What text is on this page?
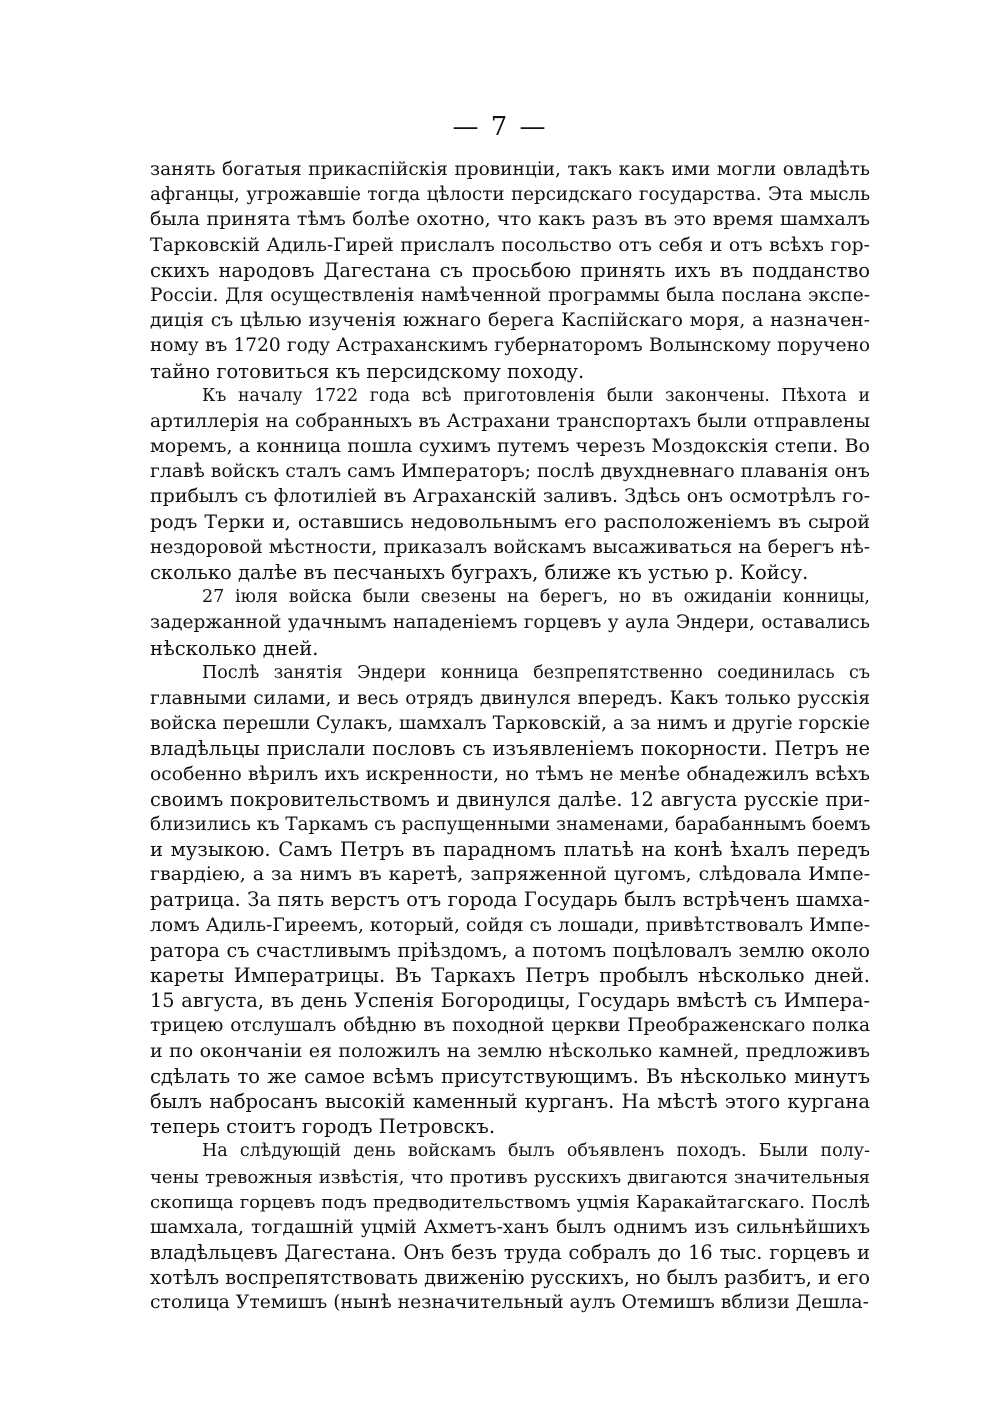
— 7 —
занять богатыя прикаспійскія провинціи, такъ какъ ими могли овладѣть
афганцы, угрожавшіе тогда цѣлости персидскаго государства. Эта мысль
была принята тѣмъ болѣе охотно, что какъ разъ въ это время шамхалъ
Тарковскій Адиль-Гирей прислалъ посольство отъ себя и отъ всѣхъ гор-
скихъ народовъ Дагестана съ просьбою принять ихъ въ подданство
Россіи. Для осуществленія намѣченной программы была послана экспе-
диція съ цѣлью изученія южнаго берега Каспійскаго моря, а назначен-
ному въ 1720 году Астраханскимъ губернаторомъ Волынскому поручено
тайно готовиться къ персидскому походу.
Къ началу 1722 года всѣ приготовленія были закончены. Пѣхота и
артиллерія на собранныхъ въ Астрахани транспортахъ были отправлены
моремъ, а конница пошла сухимъ путемъ черезъ Моздокскія степи. Во
главѣ войскъ сталъ самъ Императоръ; послѣ двухдневнаго плаванія онъ
прибылъ съ флотиліей въ Аграханскій заливъ. Здѣсь онъ осмотрѣлъ го-
родъ Терки и, оставшись недовольнымъ его расположеніемъ въ сырой
нездоровой мѣстности, приказалъ войскамъ высаживаться на берегъ нѣ-
сколько далѣе въ песчаныхъ буграхъ, ближе къ устью р. Койсу.
27 іюля войска были свезены на берегъ, но въ ожиданіи конницы,
задержанной удачнымъ нападеніемъ горцевъ у аула Эндери, оставались
нѣсколько дней.
Послѣ занятія Эндери конница безпрепятственно соединилась съ
главными силами, и весь отрядъ двинулся впередъ. Какъ только русскія
войска перешли Сулакъ, шамхалъ Тарковскій, а за нимъ и другіе горскіе
владѣльцы прислали пословъ съ изъявленіемъ покорности. Петръ не
особенно вѣрилъ ихъ искренности, но тѣмъ не менѣе обнадежилъ всѣхъ
своимъ покровительствомъ и двинулся далѣе. 12 августа русскіе при-
близились къ Таркамъ съ распущенными знаменами, барабаннымъ боемъ
и музыкою. Самъ Петръ въ парадномъ платьѣ на конѣ ѣхалъ передъ
гвардіею, а за нимъ въ каретѣ, запряженной цугомъ, слѣдовала Импе-
ратрица. За пять верстъ отъ города Государь былъ встрѣченъ шамха-
ломъ Адиль-Гиреемъ, который, сойдя съ лошади, привѣтствовалъ Импе-
ратора съ счастливымъ пріѣздомъ, а потомъ поцѣловалъ землю около
кареты Императрицы. Въ Таркахъ Петръ пробылъ нѣсколько дней.
15 августа, въ день Успенія Богородицы, Государь вмѣстѣ съ Импера-
трицею отслушалъ обѣдню въ походной церкви Преображенскаго полка
и по окончаніи ея положилъ на землю нѣсколько камней, предложивъ
сдѣлать то же самое всѣмъ присутствующимъ. Въ нѣсколько минутъ
былъ набросанъ высокій каменный курганъ. На мѣстѣ этого кургана
теперь стоитъ городъ Петровскъ.
На слѣдующій день войскамъ былъ объявленъ походъ. Были полу-
чены тревожныя извѣстія, что противъ русскихъ двигаются значительныя
скопища горцевъ подъ предводительствомъ уцмія Каракайтагскаго. Послѣ
шамхала, тогдашній уцмій Ахметъ-ханъ былъ однимъ изъ сильнѣйшихъ
владѣльцевъ Дагестана. Онъ безъ труда собралъ до 16 тыс. горцевъ и
хотѣлъ воспрепятствовать движенію русскихъ, но былъ разбитъ, и его
столица Утемишъ (нынѣ незначительный аулъ Отемишъ вблизи Дешла-
